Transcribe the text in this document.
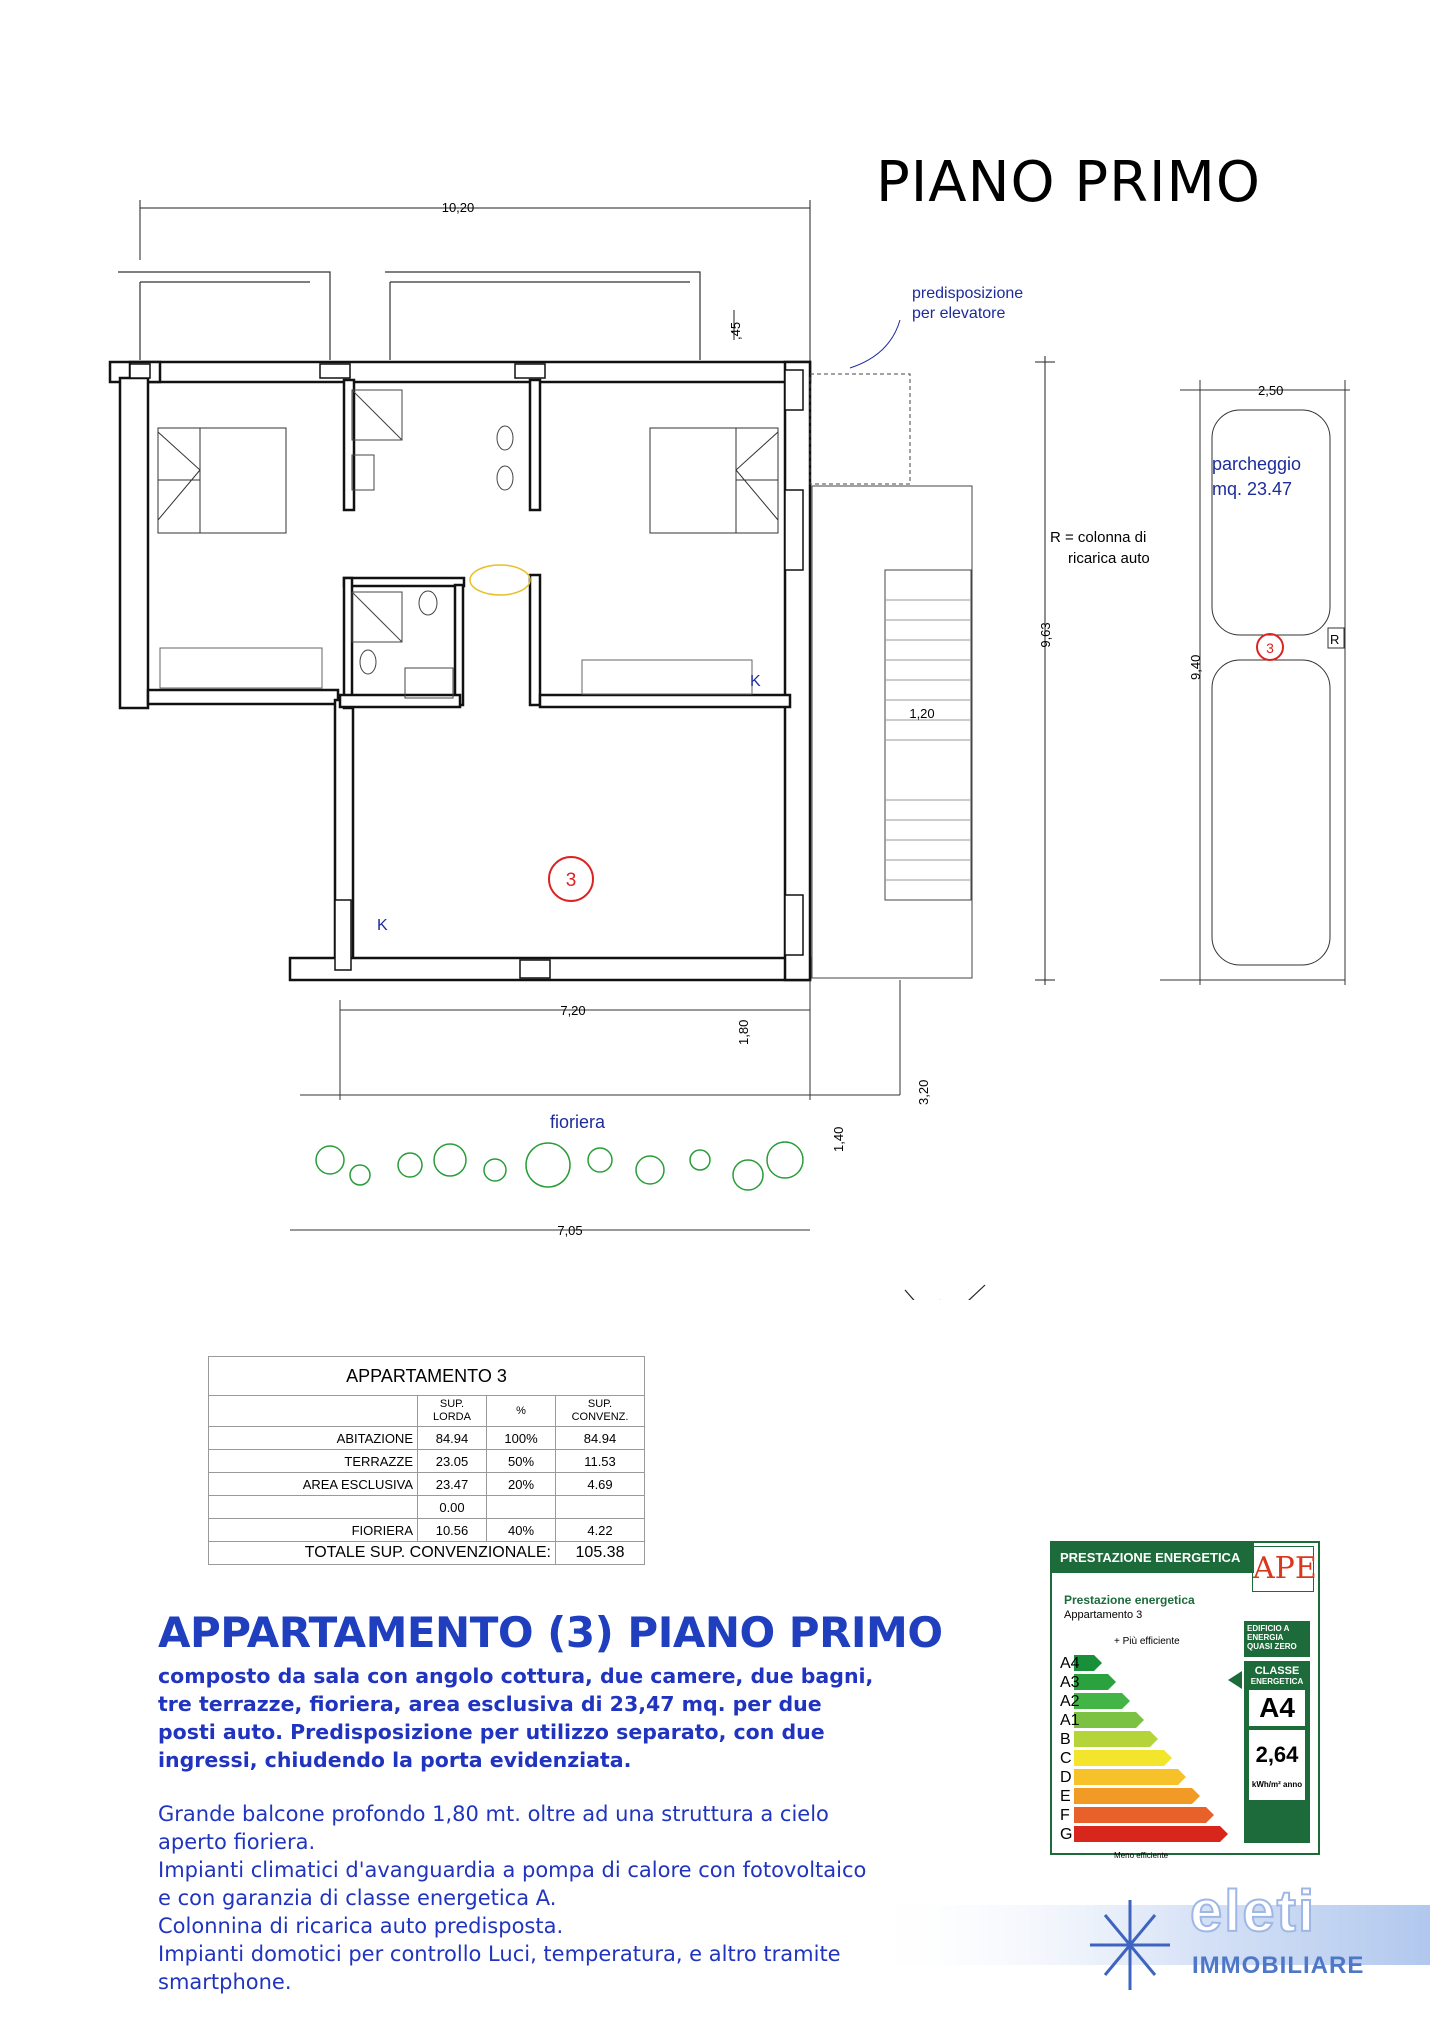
10,20
,45
3
K
K
1,20
predisposizione
per elevatore
9,63
2,50
9,40
parcheggio
mq. 23.47
R = colonna di
ricarica auto
3
R
7,20
1,80
1,40
3,20
7,05
fioriera
PIANO PRIMO
APPARTAMENTO 3			
	SUP. LORDA	%	SUP. CONVENZ.
ABITAZIONE	84.94	100%	84.94
TERRAZZE	23.05	50%	11.53
AREA ESCLUSIVA	23.47	20%	4.69
	0.00		
FIORIERA	10.56	40%	4.22
TOTALE SUP. CONVENZIONALE:			105.38
APPARTAMENTO (3) PIANO PRIMO

composto da sala con angolo cottura, due camere, due bagni, tre terrazze, fioriera, area esclusiva di 23,47 mq. per due posti auto. Predisposizione per utilizzo separato, con due ingressi, chiudendo la porta evidenziata.

Grande balcone profondo 1,80 mt. oltre ad una struttura a cielo aperto fioriera.

Impianti climatici d'avanguardia a pompa di calore con fotovoltaico e con garanzia di classe energetica A.

Colonnina di ricarica auto predisposta.

Impianti domotici per controllo Luci, temperatura, e altro tramite smartphone.

PRESTAZIONE ENERGETICA APE
Prestazione energetica
Appartamento 3
+ Più efficiente
A4
A3
A2
A1
B
C
D
E
F
G
EDIFICIO A ENERGIA QUASI ZERO
CLASSE
ENERGETICA
A4
2,64
kWh/m² anno
Meno efficiente
eleti
IMMOBILIARE
